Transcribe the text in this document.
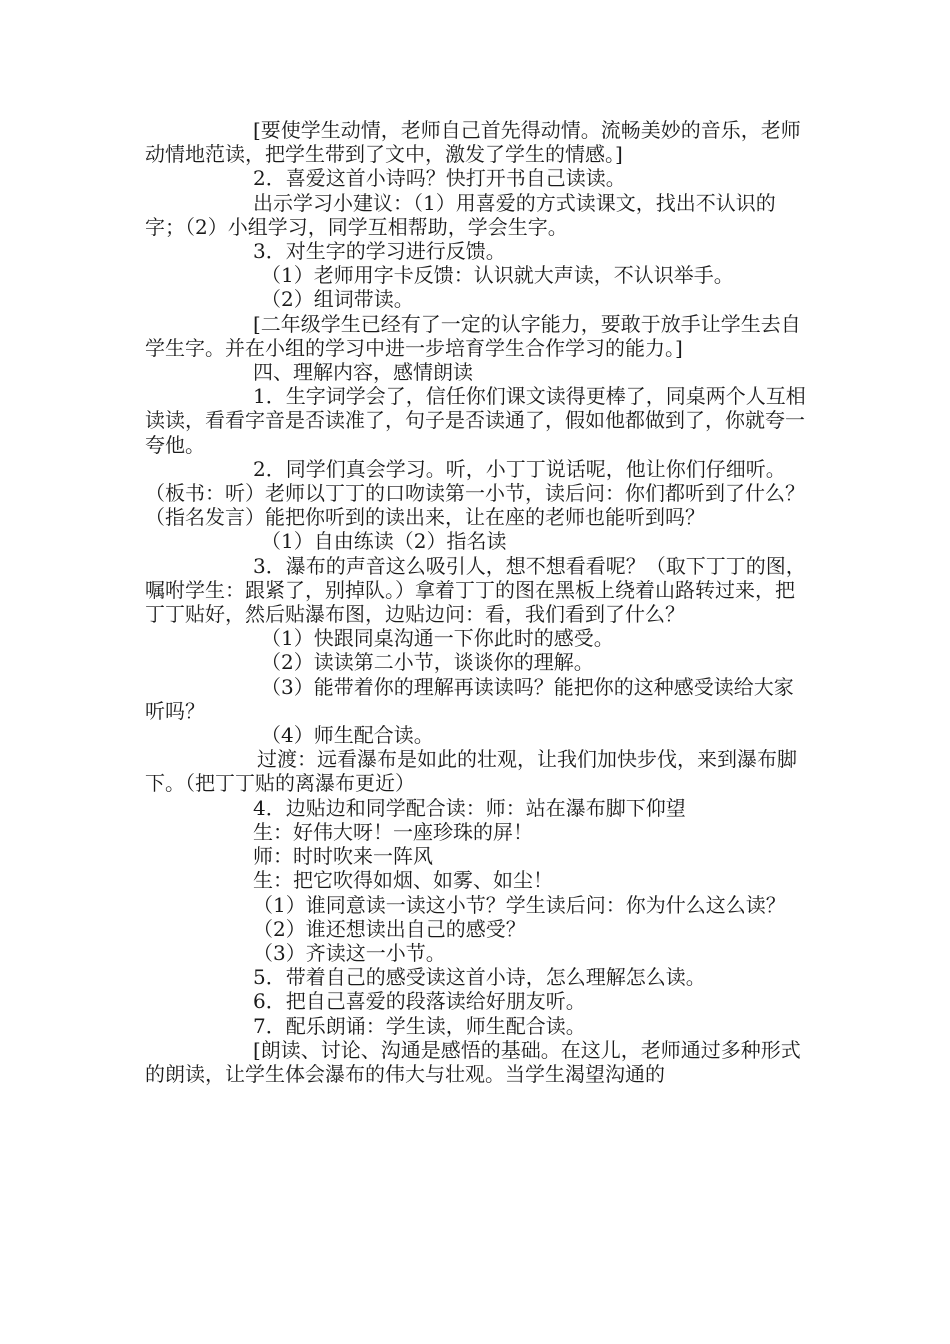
[要使学生动情，老师自己首先得动情。流畅美妙的音乐，老师动情地范读，把学生带到了文中，激发了学生的情感。]

2．喜爱这首小诗吗？快打开书自己读读。

出示学习小建议：（1）用喜爱的方式读课文，找出不认识的字；（2）小组学习，同学互相帮助，学会生字。

3．对生字的学习进行反馈。

（1）老师用字卡反馈：认识就大声读，不认识举手。

（2）组词带读。

[二年级学生已经有了一定的认字能力，要敢于放手让学生去自学生字。并在小组的学习中进一步培育学生合作学习的能力。]

四、理解内容，感情朗读

1．生字词学会了，信任你们课文读得更棒了，同桌两个人互相读读，看看字音是否读准了，句子是否读通了，假如他都做到了，你就夸一夸他。

2．同学们真会学习。听，小丁丁说话呢，他让你们仔细听。（板书：听）老师以丁丁的口吻读第一小节，读后问：你们都听到了什么？（指名发言）能把你听到的读出来，让在座的老师也能听到吗？

（1）自由练读（2）指名读

3．瀑布的声音这么吸引人，想不想看看呢？（取下丁丁的图，嘱咐学生：跟紧了，别掉队。）拿着丁丁的图在黑板上绕着山路转过来，把丁丁贴好，然后贴瀑布图，边贴边问：看，我们看到了什么？

（1）快跟同桌沟通一下你此时的感受。

（2）读读第二小节，谈谈你的理解。

（3）能带着你的理解再读读吗？能把你的这种感受读给大家听吗？

（4）师生配合读。

过渡：远看瀑布是如此的壮观，让我们加快步伐，来到瀑布脚下。（把丁丁贴的离瀑布更近）

4．边贴边和同学配合读：师：站在瀑布脚下仰望

生：好伟大呀！一座珍珠的屏！

师：时时吹来一阵风

生：把它吹得如烟、如雾、如尘！

（1）谁同意读一读这小节？学生读后问：你为什么这么读？

（2）谁还想读出自己的感受？

（3）齐读这一小节。

5．带着自己的感受读这首小诗，怎么理解怎么读。

6．把自己喜爱的段落读给好朋友听。

7．配乐朗诵：学生读，师生配合读。

[朗读、讨论、沟通是感悟的基础。在这儿，老师通过多种形式的朗读，让学生体会瀑布的伟大与壮观。当学生渴望沟通的
